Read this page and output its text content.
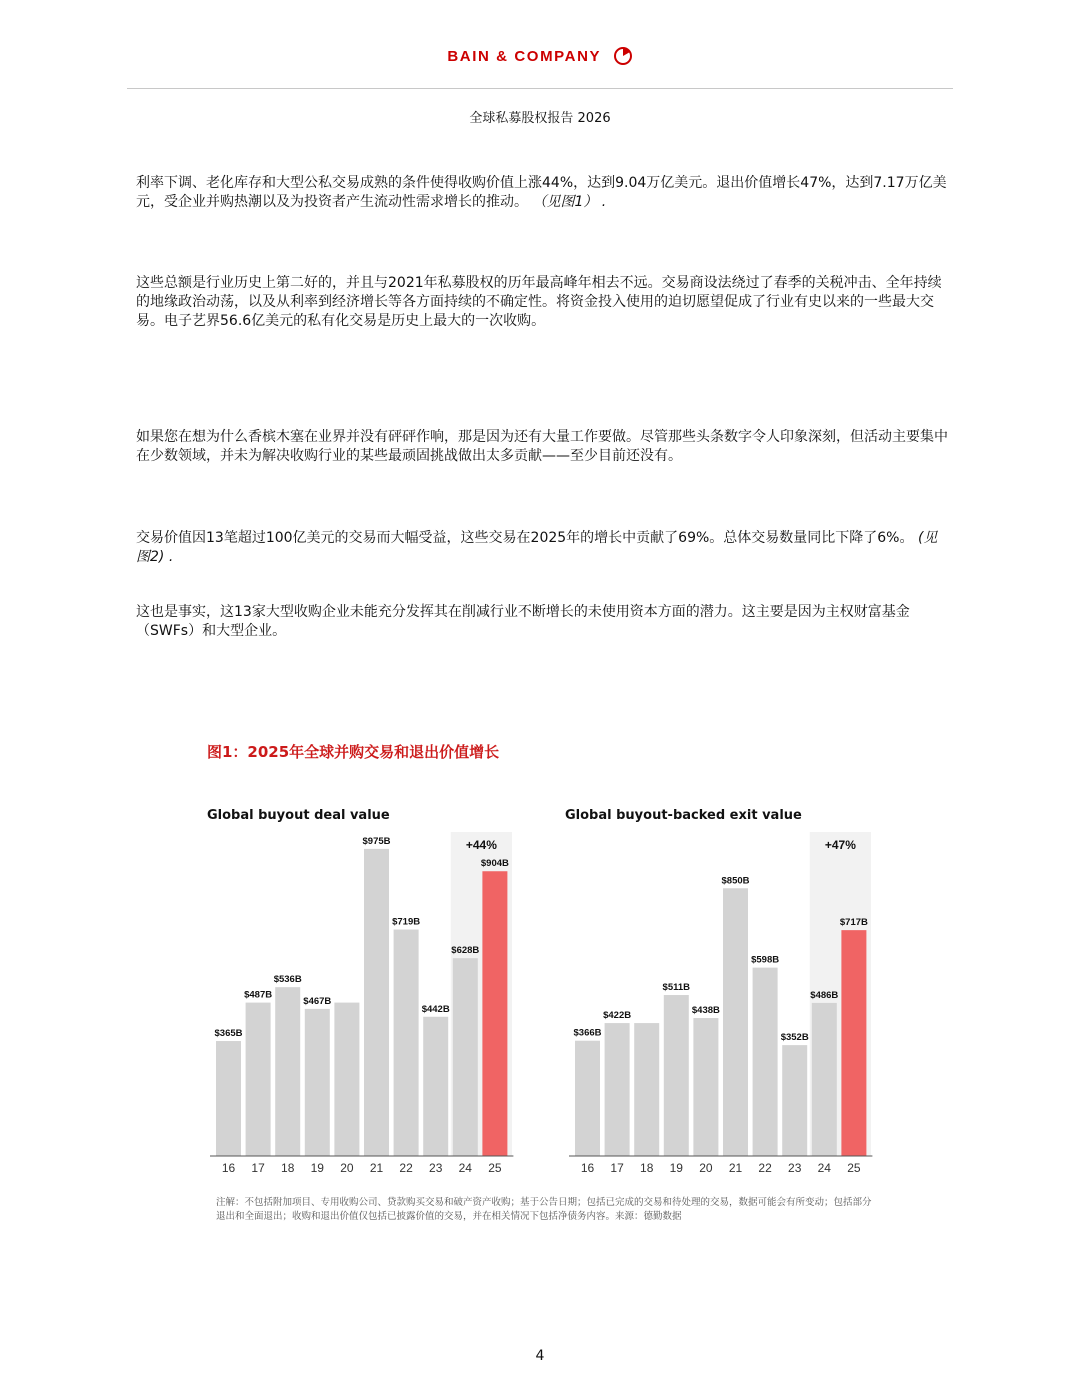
BAIN & COMPANY
全球私募股权报告 2026

利率下调、老化库存和大型公私交易成熟的条件使得收购价值上涨44%，达到9.04万亿美元。退出价值增长47%，达到7.17万亿美元，受企业并购热潮以及为投资者产生流动性需求增长的推动。 （见图1） .

这些总额是行业历史上第二好的，并且与2021年私募股权的历年最高峰年相去不远。交易商设法绕过了春季的关税冲击、全年持续的地缘政治动荡，以及从利率到经济增长等各方面持续的不确定性。将资金投入使用的迫切愿望促成了行业有史以来的一些最大交易。电子艺界56.6亿美元的私有化交易是历史上最大的一次收购。

如果您在想为什么香槟木塞在业界并没有砰砰作响，那是因为还有大量工作要做。尽管那些头条数字令人印象深刻，但活动主要集中在少数领域，并未为解决收购行业的某些最顽固挑战做出太多贡献——至少目前还没有。

交易价值因13笔超过100亿美元的交易而大幅受益，这些交易在2025年的增长中贡献了69%。总体交易数量同比下降了6%。 (见图2) .

这也是事实，这13家大型收购企业未能充分发挥其在削减行业不断增长的未使用资本方面的潜力。这主要是因为主权财富基金（SWFs）和大型企业。

图1：2025年全球并购交易和退出价值增长

Global buyout deal value	Global buyout-backed exit value

+44%
$365B
16
$487B
17
$536B
18
$467B
19 20
$975B
21
$719B
22
$442B
23
$628B
24
$904B
25
+47%
$366B
16
$422B
17 18
$511B
19
$438B
20
$850B
21
$598B
22
$352B
23
$486B
24
$717B
25

注解：不包括附加项目、专用收购公司、贷款购买交易和破产资产收购；基于公告日期；包括已完成的交易和待处理的交易，数据可能会有所变动；包括部分退出和全面退出；收购和退出价值仅包括已披露价值的交易，并在相关情况下包括净债务内容。来源：德勤数据

4
